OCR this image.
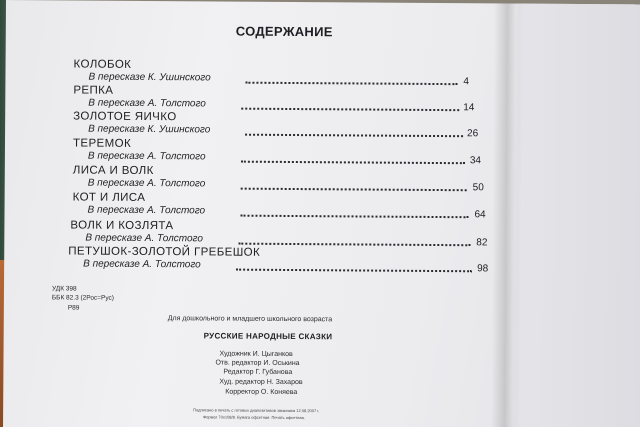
СОДЕРЖАНИЕ
КОЛОБОК
В пересказе К. Ушинского	4
РЕПКА
В пересказе А. Толстого	14
ЗОЛОТОЕ ЯИЧКО
В пересказе К. Ушинского	26
ТЕРЕМОК
В пересказе А. Толстого	34
ЛИСА И ВОЛК
В пересказе А. Толстого	50
КОТ И ЛИСА
В пересказе А. Толстого	64
ВОЛК И КОЗЛЯТА
В пересказе А. Толстого	82
ПЕТУШОК-ЗОЛОТОЙ ГРЕБЕШОК
В пересказе А. Толстого	98
УДК 398
ББК 82.3 (2Рос=Рус)
Р89
Для дошкольного и младшего школьного возраста
РУССКИЕ НАРОДНЫЕ СКАЗКИ
Художник И. Цыганков
Отв. редактор И. Оськина
Редактор Г. Губанова
Худ. редактор Н. Захаров
Корректор О. Коняева
Подписано в печать с готовых диапозитивов заказчика 12.08.2007 г.
Формат 70х108/8. Бумага офсетная. Печать офсетная.
